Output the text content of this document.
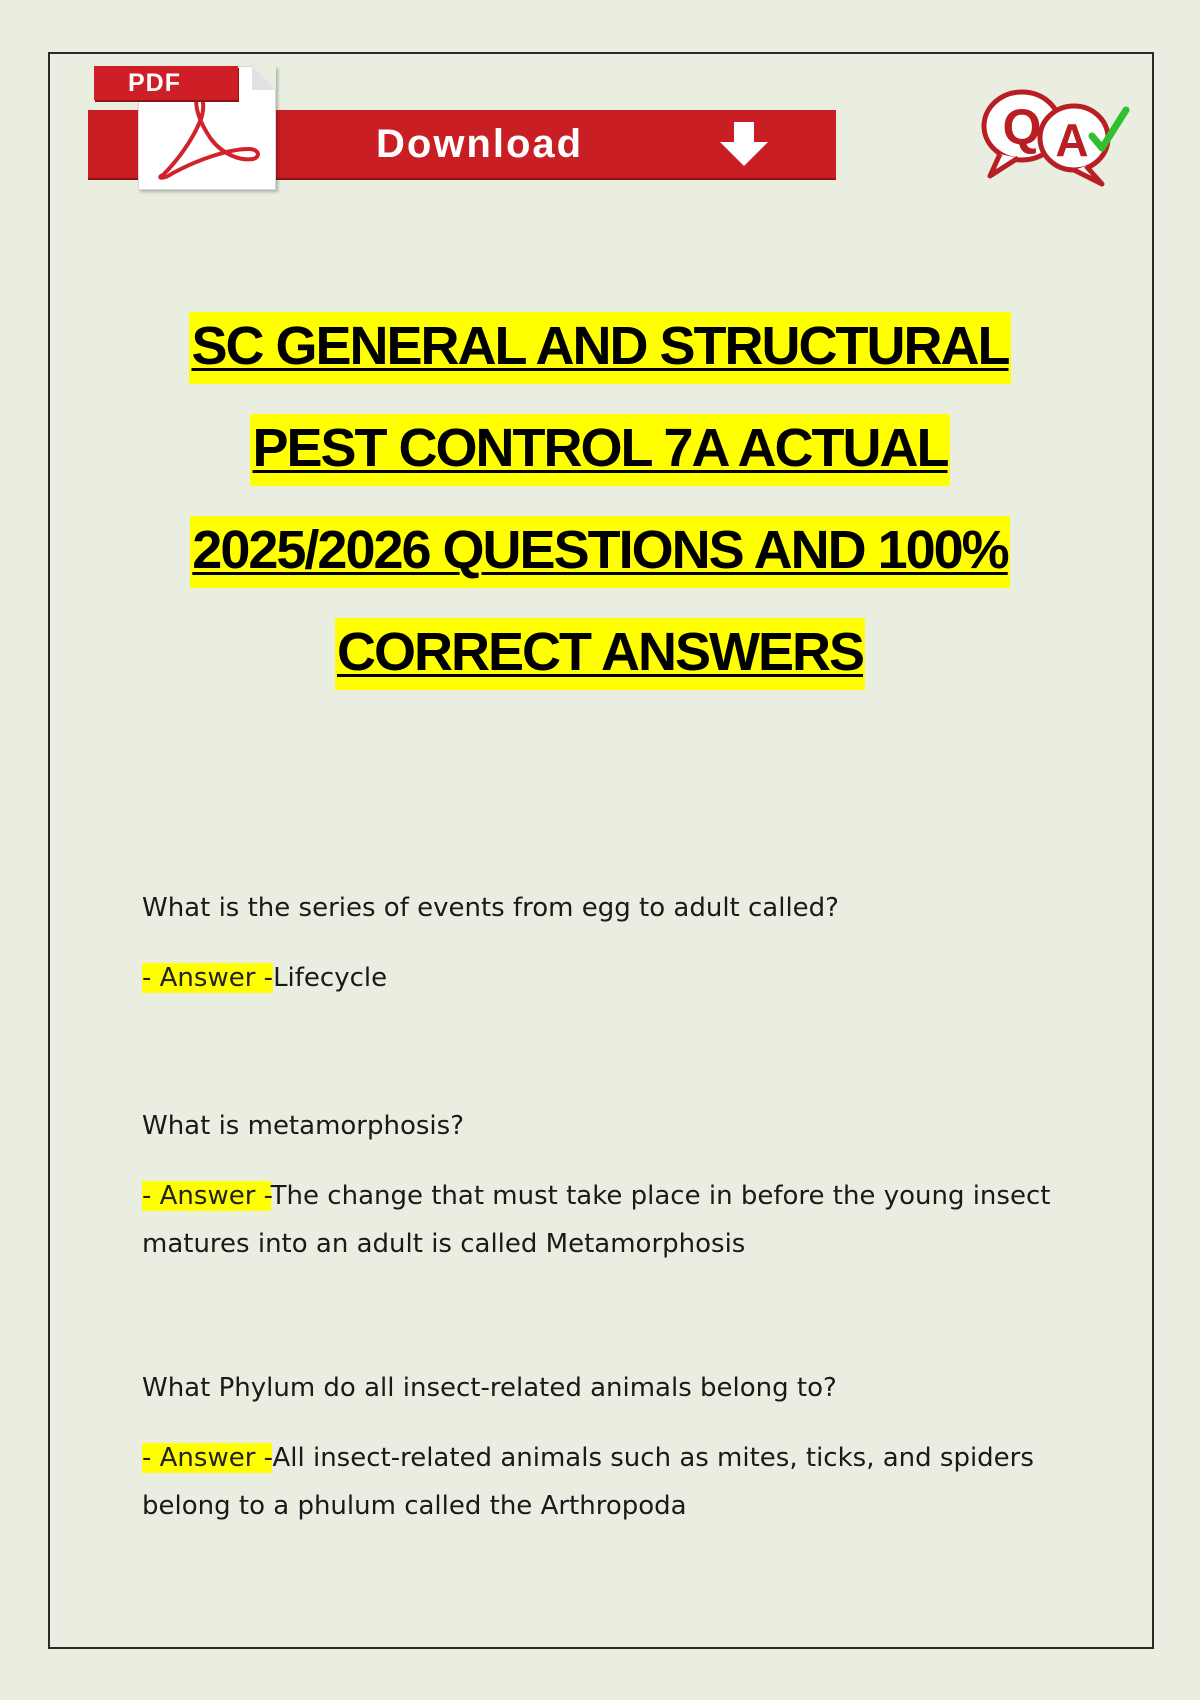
PDF
Download	Q A
SC GENERAL AND STRUCTURAL
PEST CONTROL 7A ACTUAL
2025/2026 QUESTIONS AND 100%
CORRECT ANSWERS
What is the series of events from egg to adult called?
- Answer -Lifecycle
What is metamorphosis?
- Answer -The change that must take place in before the young insect matures into an adult is called Metamorphosis
What Phylum do all insect-related animals belong to?
- Answer -All insect-related animals such as mites, ticks, and spiders belong to a phulum called the Arthropoda
